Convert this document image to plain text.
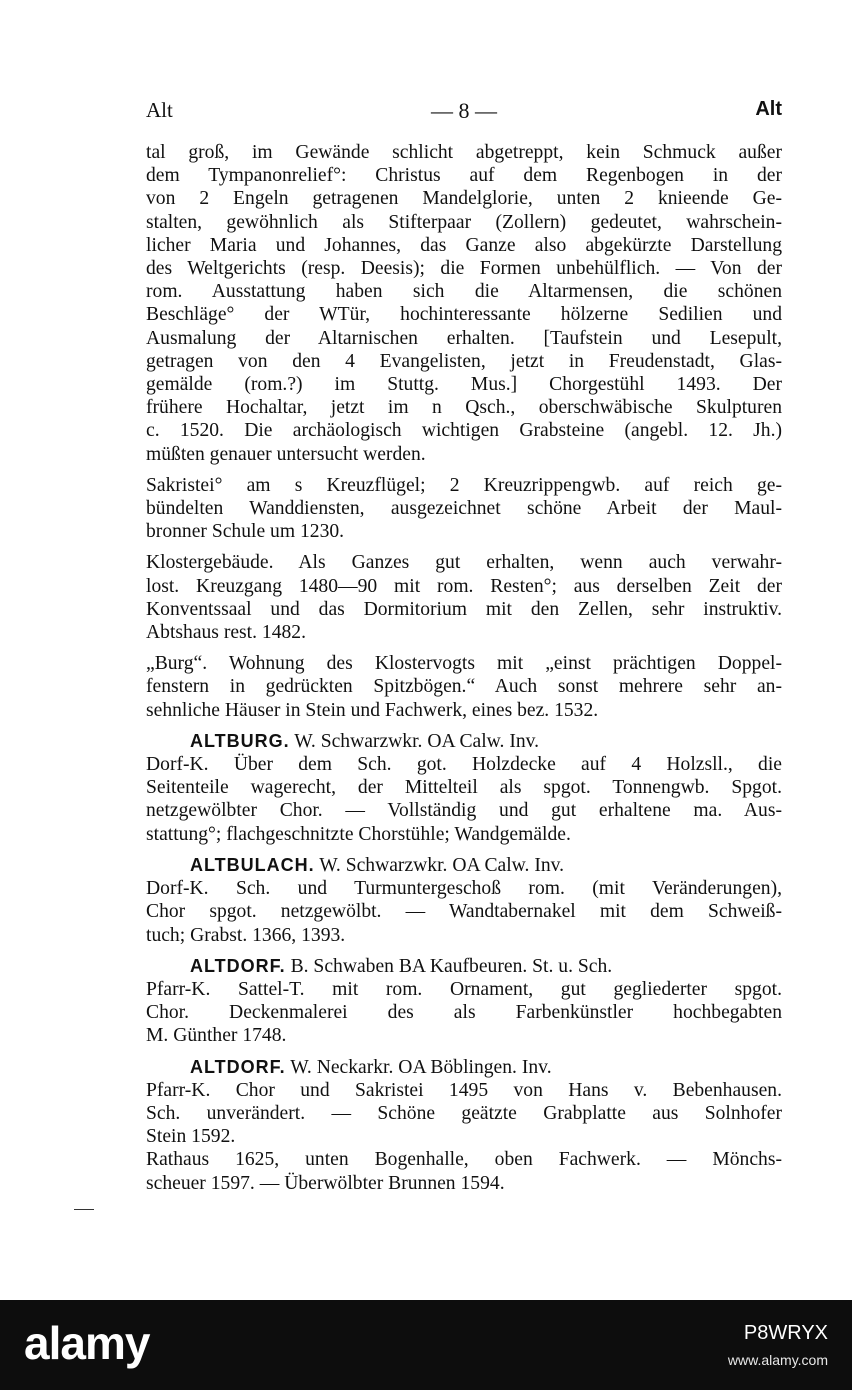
Alt	— 8 —	Alt
tal groß, im Gewände schlicht abgetreppt, kein Schmuck außer
dem Tympanonrelief°: Christus auf dem Regenbogen in der
von 2 Engeln getragenen Mandelglorie, unten 2 knieende Ge-
stalten, gewöhnlich als Stifterpaar (Zollern) gedeutet, wahrschein-
licher Maria und Johannes, das Ganze also abgekürzte Darstellung
des Weltgerichts (resp. Deesis); die Formen unbehülflich. — Von der
rom. Ausstattung haben sich die Altarmensen, die schönen
Beschläge° der WTür, hochinteressante hölzerne Sedilien und
Ausmalung der Altarnischen erhalten. [Taufstein und Lesepult,
getragen von den 4 Evangelisten, jetzt in Freudenstadt, Glas-
gemälde (rom.?) im Stuttg. Mus.] Chorgestühl 1493. Der
frühere Hochaltar, jetzt im n Qsch., oberschwäbische Skulpturen
c. 1520. Die archäologisch wichtigen Grabsteine (angebl. 12. Jh.)
müßten genauer untersucht werden.
Sakristei° am s Kreuzflügel; 2 Kreuzrippengwb. auf reich ge-
bündelten Wanddiensten, ausgezeichnet schöne Arbeit der Maul-
bronner Schule um 1230.
Klostergebäude. Als Ganzes gut erhalten, wenn auch verwahr-
lost. Kreuzgang 1480—90 mit rom. Resten°; aus derselben Zeit der
Konventssaal und das Dormitorium mit den Zellen, sehr instruktiv.
Abtshaus rest. 1482.
„Burg“. Wohnung des Klostervogts mit „einst prächtigen Doppel-
fenstern in gedrückten Spitzbögen.“ Auch sonst mehrere sehr an-
sehnliche Häuser in Stein und Fachwerk, eines bez. 1532.
ALTBURG. W. Schwarzwkr. OA Calw. Inv.
Dorf-K. Über dem Sch. got. Holzdecke auf 4 Holzsll., die
Seitenteile wagerecht, der Mittelteil als spgot. Tonnengwb. Spgot.
netzgewölbter Chor. — Vollständig und gut erhaltene ma. Aus-
stattung°; flachgeschnitzte Chorstühle; Wandgemälde.
ALTBULACH. W. Schwarzwkr. OA Calw. Inv.
Dorf-K. Sch. und Turmuntergeschoß rom. (mit Veränderungen),
Chor spgot. netzgewölbt. — Wandtabernakel mit dem Schweiß-
tuch; Grabst. 1366, 1393.
ALTDORF. B. Schwaben BA Kaufbeuren. St. u. Sch.
Pfarr-K. Sattel-T. mit rom. Ornament, gut gegliederter spgot.
Chor. Deckenmalerei des als Farbenkünstler hochbegabten
M. Günther 1748.
ALTDORF. W. Neckarkr. OA Böblingen. Inv.
Pfarr-K. Chor und Sakristei 1495 von Hans v. Bebenhausen.
Sch. unverändert. — Schöne geätzte Grabplatte aus Solnhofer
Stein 1592.
Rathaus 1625, unten Bogenhalle, oben Fachwerk. — Mönchs-
scheuer 1597. — Überwölbter Brunnen 1594.
alamy	P8WRYX
www.alamy.com
